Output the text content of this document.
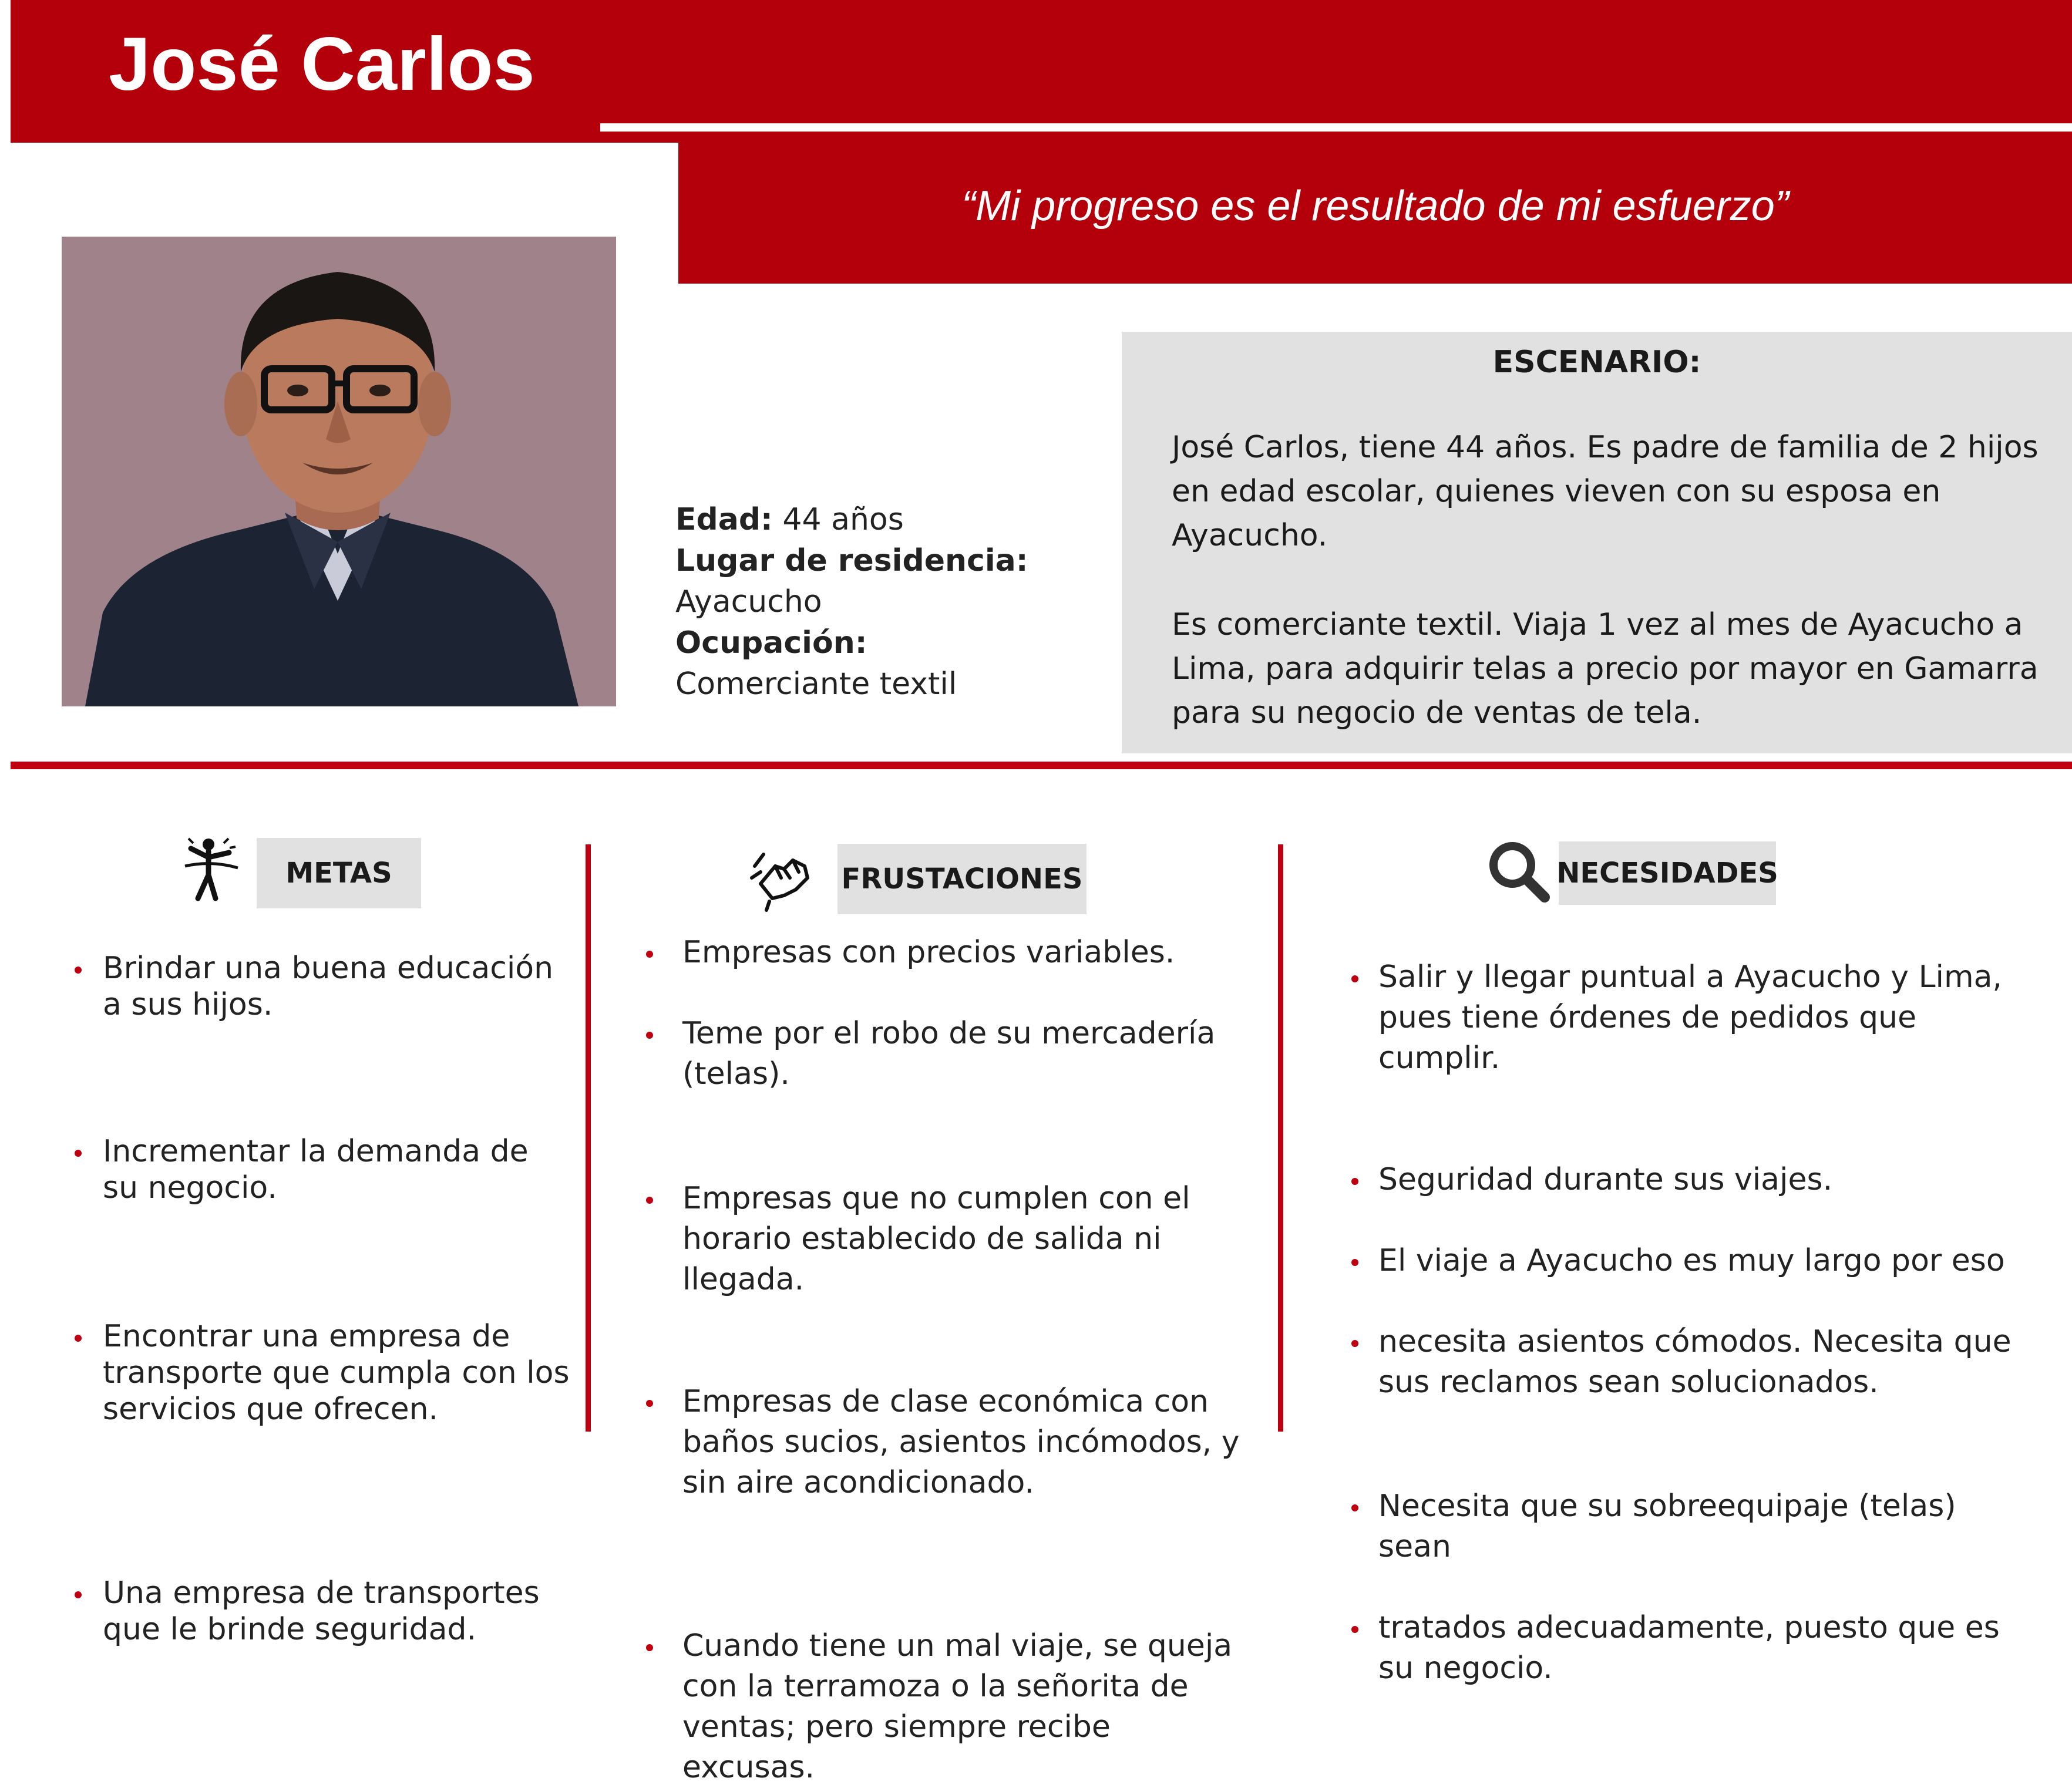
José Carlos
“Mi progreso es el resultado de mi esfuerzo”
Edad: 44 años
Lugar de residencia:
Ayacucho
Ocupación:
Comerciante textil
ESCENARIO:
José Carlos, tiene 44 años. Es padre de familia de 2 hijos en edad escolar, quienes vieven con su esposa en Ayacucho.
Es comerciante textil. Viaja 1 vez al mes de Ayacucho a Lima, para adquirir telas a precio por mayor en Gamarra para su negocio de ventas de tela.
METAS	FRUSTACIONES	NECESIDADES
Brindar una buena educación a sus hijos.
Incrementar la demanda de su negocio.
Encontrar una empresa de transporte que cumpla con los servicios que ofrecen.
Una empresa de transportes que le brinde seguridad.
Empresas con precios variables.
Teme por el robo de su mercadería (telas).
Empresas que no cumplen con el horario establecido de salida ni llegada.
Empresas de clase económica con baños sucios, asientos incómodos, y sin aire acondicionado.
Cuando tiene un mal viaje, se queja con la terramoza o la señorita de ventas; pero siempre recibe excusas.
Salir y llegar puntual a Ayacucho y Lima, pues tiene órdenes de pedidos que cumplir.
Seguridad durante sus viajes.
El viaje a Ayacucho es muy largo por eso
necesita asientos cómodos. Necesita que sus reclamos sean solucionados.
Necesita que su sobreequipaje (telas) sean
tratados adecuadamente, puesto que es su negocio.
